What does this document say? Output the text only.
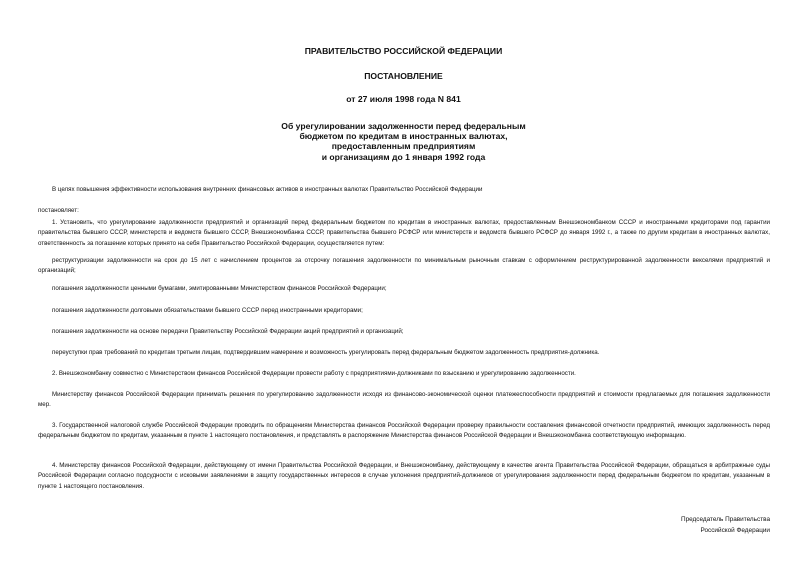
ПРАВИТЕЛЬСТВО РОССИЙСКОЙ ФЕДЕРАЦИИ
ПОСТАНОВЛЕНИЕ
от 27 июля 1998 года N 841
Об урегулировании задолженности перед федеральным
бюджетом по кредитам в иностранных валютах,
предоставленным предприятиям
и организациям до 1 января 1992 года
В целях повышения эффективности использования внутренних финансовых активов в иностранных валютах Правительство Российской Федерации
постановляет:
1. Установить, что урегулирование задолженности предприятий и организаций перед федеральным бюджетом по кредитам в иностранных валютах, предоставленным Внешэкономбанком СССР и иностранными кредиторами под гарантии правительства бывшего СССР, министерств и ведомств бывшего СССР, Внешэкономбанка СССР, правительства бывшего РСФСР или министерств и ведомств бывшего РСФСР до января 1992 г., а также по другим кредитам в иностранных валютах, ответственность за погашение которых принято на себя Правительство Российской Федерации, осуществляется путем:
реструктуризации задолженности на срок до 15 лет с начислением процентов за отсрочку погашения задолженности по минимальным рыночным ставкам с оформлением реструктурированной задолженности векселями предприятий и организаций;
погашения задолженности ценными бумагами, эмитированными Министерством финансов Российской Федерации;
погашения задолженности долговыми обязательствами бывшего СССР перед иностранными кредиторами;
погашения задолженности на основе передачи Правительству Российской Федерации акций предприятий и организаций;
переуступки прав требований по кредитам третьим лицам, подтвердившим намерение и возможность урегулировать перед федеральным бюджетом задолженность предприятия-должника.
2. Внешэкономбанку совместно с Министерством финансов Российской Федерации провести работу с предприятиями-должниками по взысканию и урегулированию задолженности.
Министерству финансов Российской Федерации принимать решения по урегулированию задолженности исходя из финансово-экономической оценки платежеспособности предприятий и стоимости предлагаемых для погашения задолженности мер.
3. Государственной налоговой службе Российской Федерации проводить по обращениям Министерства финансов Российской Федерации проверку правильности составления финансовой отчетности предприятий, имеющих задолженность перед федеральным бюджетом по кредитам, указанным в пункте 1 настоящего постановления, и представлять в распоряжение Министерства финансов Российской Федерации и Внешэкономбанка соответствующую информацию.
4. Министерству финансов Российской Федерации, действующему от имени Правительства Российской Федерации, и Внешэкономбанку, действующему в качестве агента Правительства Российской Федерации, обращаться в арбитражные суды Российской Федерации согласно подсудности с исковыми заявлениями в защиту государственных интересов в случае уклонения предприятий-должников от урегулирования задолженности перед федеральным бюджетом по кредитам, указанным в пункте 1 настоящего постановления.
Председатель Правительства
Российской Федерации
